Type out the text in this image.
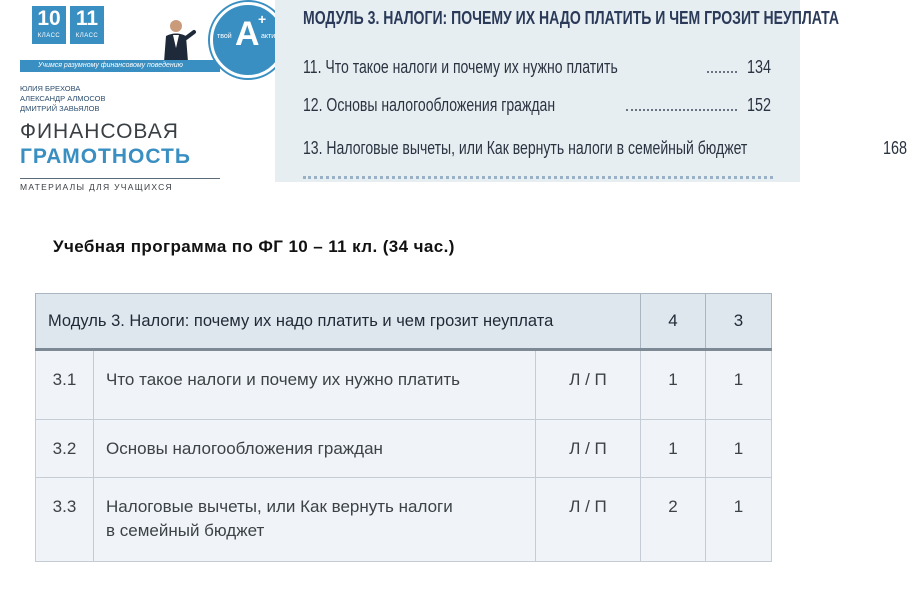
10
КЛАСС
11
КЛАСС
Учимся разумному финансовому поведению
твой А
+
акти
ЮЛИЯ БРЕХОВА
АЛЕКСАНДР АЛМОСОВ
ДМИТРИЙ ЗАВЬЯЛОВ
ФИНАНСОВАЯ
ГРАМОТНОСТЬ
МАТЕРИАЛЫ ДЛЯ УЧАЩИХСЯ
МОДУЛЬ 3. НАЛОГИ: ПОЧЕМУ ИХ НАДО ПЛАТИТЬ И ЧЕМ ГРОЗИТ НЕУПЛАТА
11. Что такое налоги и почему их нужно платить	134
12. Основы налогообложения граждан	152
13. Налоговые вычеты, или Как вернуть налоги в семейный бюджет	168
Учебная программа по ФГ 10 – 11 кл. (34 час.)
Модуль 3. Налоги: почему их надо платить и чем грозит неуплата			4	3
3.1	Что такое налоги и почему их нужно платить	Л / П	1	1
3.2	Основы налогообложения граждан	Л / П	1	1
3.3	Налоговые вычеты, или Как вернуть налоги
в семейный бюджет	Л / П	2	1
